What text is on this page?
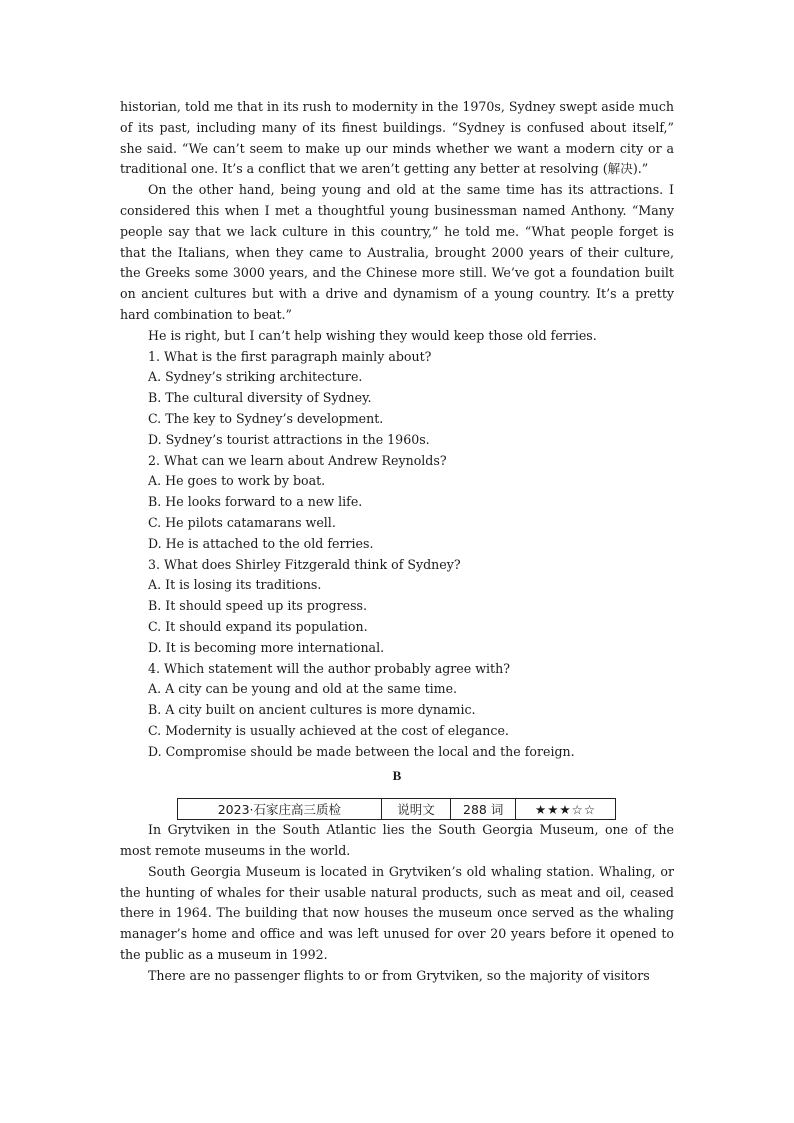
historian, told me that in its rush to modernity in the 1970s, Sydney swept aside much of its past, including many of its finest buildings. “Sydney is confused about itself,” she said. “We can’t seem to make up our minds whether we want a modern city or a traditional one. It’s a conflict that we aren’t getting any better at resolving (解决).”

On the other hand, being young and old at the same time has its attractions. I considered this when I met a thoughtful young businessman named Anthony. “Many people say that we lack culture in this country,” he told me. “What people forget is that the Italians, when they came to Australia, brought 2000 years of their culture, the Greeks some 3000 years, and the Chinese more still. We’ve got a foundation built on ancient cultures but with a drive and dynamism of a young country. It’s a pretty hard combination to beat.”

He is right, but I can’t help wishing they would keep those old ferries.

1. What is the first paragraph mainly about?

A. Sydney’s striking architecture.

B. The cultural diversity of Sydney.

C. The key to Sydney’s development.

D. Sydney’s tourist attractions in the 1960s.

2. What can we learn about Andrew Reynolds?

A. He goes to work by boat.

B. He looks forward to a new life.

C. He pilots catamarans well.

D. He is attached to the old ferries.

3. What does Shirley Fitzgerald think of Sydney?

A. It is losing its traditions.

B. It should speed up its progress.

C. It should expand its population.

D. It is becoming more international.

4. Which statement will the author probably agree with?

A. A city can be young and old at the same time.

B. A city built on ancient cultures is more dynamic.

C. Modernity is usually achieved at the cost of elegance.

D. Compromise should be made between the local and the foreign.

B
2023·石家庄高三质检	说明文	288 词	★★★☆☆

In Grytviken in the South Atlantic lies the South Georgia Museum, one of the most remote museums in the world.

South Georgia Museum is located in Grytviken’s old whaling station. Whaling, or the hunting of whales for their usable natural products, such as meat and oil, ceased there in 1964. The building that now houses the museum once served as the whaling manager’s home and office and was left unused for over 20 years before it opened to the public as a museum in 1992.

There are no passenger flights to or from Grytviken, so the majority of visitors
